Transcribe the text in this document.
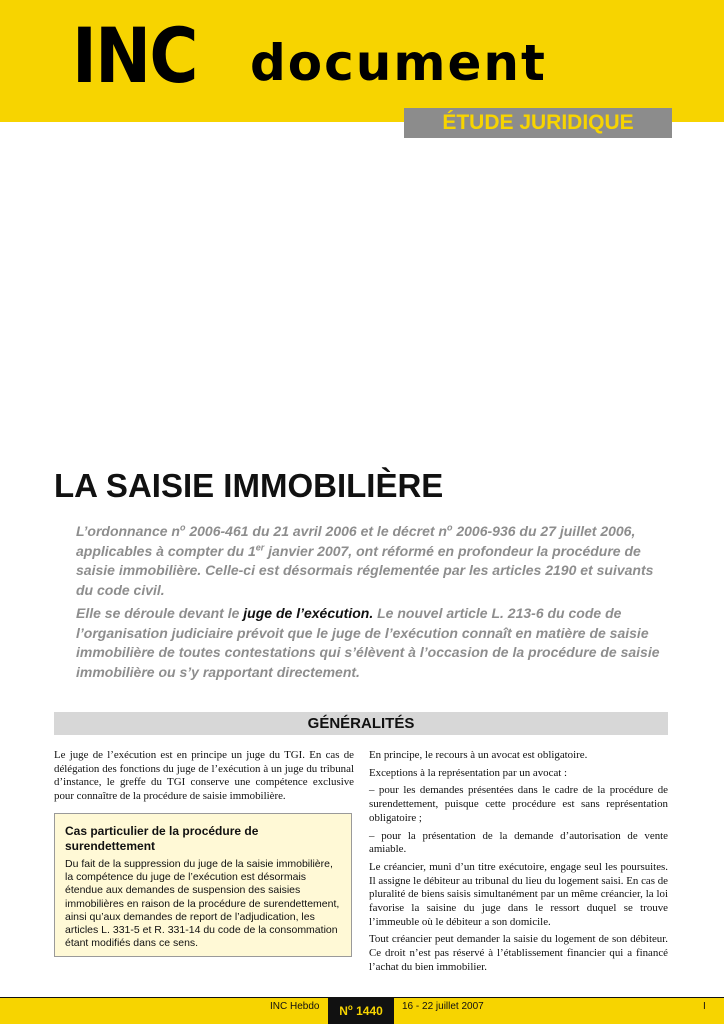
INC document
ÉTUDE JURIDIQUE
LA SAISIE IMMOBILIÈRE

L’ordonnance $n^o$ 2006-461 du 21 avril 2006 et le décret $n^o$ 2006-936 du 27 juillet 2006, applicables à compter du 1er janvier 2007, ont réformé en profondeur la procédure de saisie immobilière. Celle-ci est désormais réglementée par les articles 2190 et suivants du code civil.

Elle se déroule devant le juge de l’exécution. Le nouvel article L. 213-6 du code de l’organisation judiciaire prévoit que le juge de l’exécution connaît en matière de saisie immobilière de toutes contestations qui s’élèvent à l’occasion de la procédure de saisie immobilière ou s’y rapportant directement.

GÉNÉRALITÉS

Le juge de l’exécution est en principe un juge du TGI. En cas de délégation des fonctions du juge de l’exécution à un juge du tribunal d’instance, le greffe du TGI conserve une compétence exclusive pour connaître de la procédure de saisie immobilière.

Cas particulier de la procédure de surendettement
Du fait de la suppression du juge de la saisie immobilière, la compétence du juge de l’exécution est désormais étendue aux demandes de suspension des saisies immobilières en raison de la procédure de surendettement, ainsi qu’aux demandes de report de l’adjudication, les articles L. 331-5 et R. 331-14 du code de la consommation étant modifiés dans ce sens.

En principe, le recours à un avocat est obligatoire.

Exceptions à la représentation par un avocat :

– pour les demandes présentées dans le cadre de la procédure de surendettement, puisque cette procédure est sans représentation obligatoire ;

– pour la présentation de la demande d’autorisation de vente amiable.

Le créancier, muni d’un titre exécutoire, engage seul les poursuites. Il assigne le débiteur au tribunal du lieu du logement saisi. En cas de pluralité de biens saisis simultanément par un même créancier, la loi favorise la saisine du juge dans le ressort duquel se trouve l’immeuble où le débiteur a son domicile.

Tout créancier peut demander la saisie du logement de son débiteur. Ce droit n’est pas réservé à l’établissement financier qui a financé l’achat du bien immobilier.

INC Hebdo	$N^o$ 1440	16 - 22 juillet 2007	I
